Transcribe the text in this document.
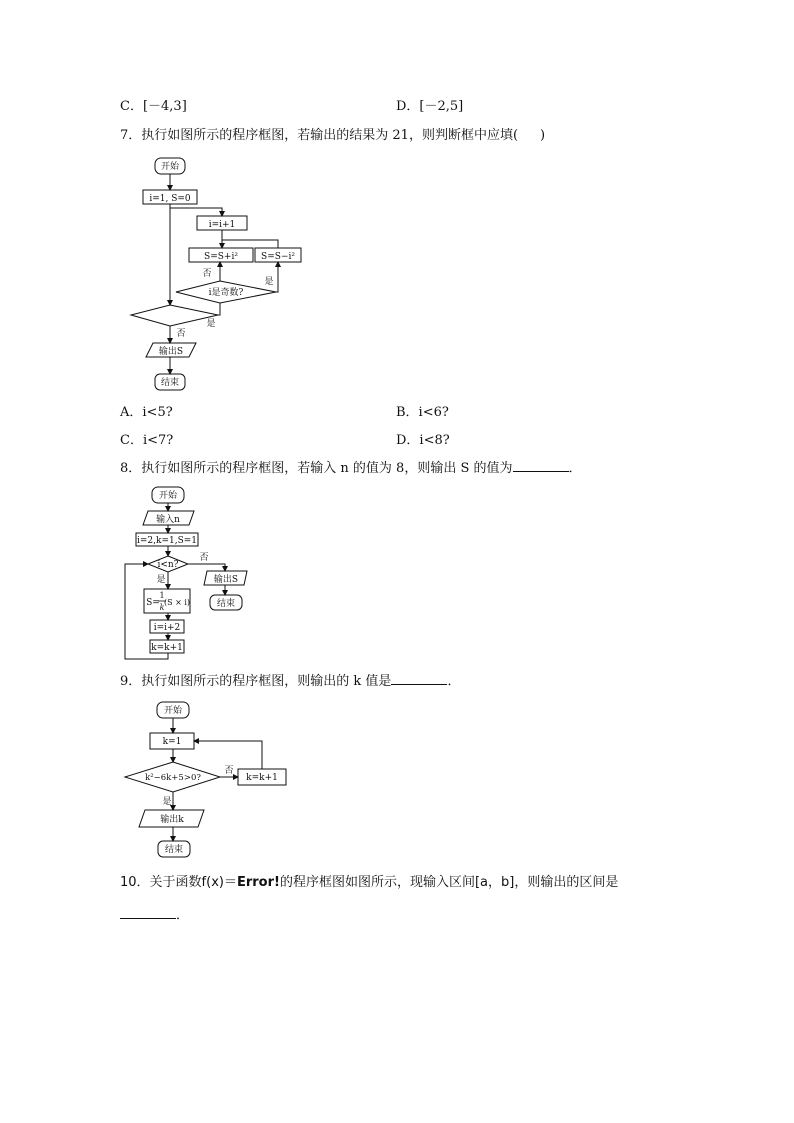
C．[－4,3]	D．[－2,5]
7．执行如图所示的程序框图，若输出的结果为 21，则判断框中应填( )
开始
i=1, S=0
i=i+1
S=S+i²	S=S−i²
否
是
i是奇数?
是
否
输出S
结束
A．i<5?	B．i<6?
C．i<7?	D．i<8?
8．执行如图所示的程序框图，若输入 n 的值为 8，则输出 S 的值为	．
开始
输入n
i=2,k=1,S=1
i<n?
否
是	输出S
结束
S=
1
k
(S × i)
i=i+2
k=k+1
9．执行如图所示的程序框图，则输出的 k 值是	．
开始
k=1
k²−6k+5>0?
否
k=k+1
是
输出k
结束
10．关于函数f(x)＝Error!的程序框图如图所示，现输入区间[a，b]，则输出的区间是
．
